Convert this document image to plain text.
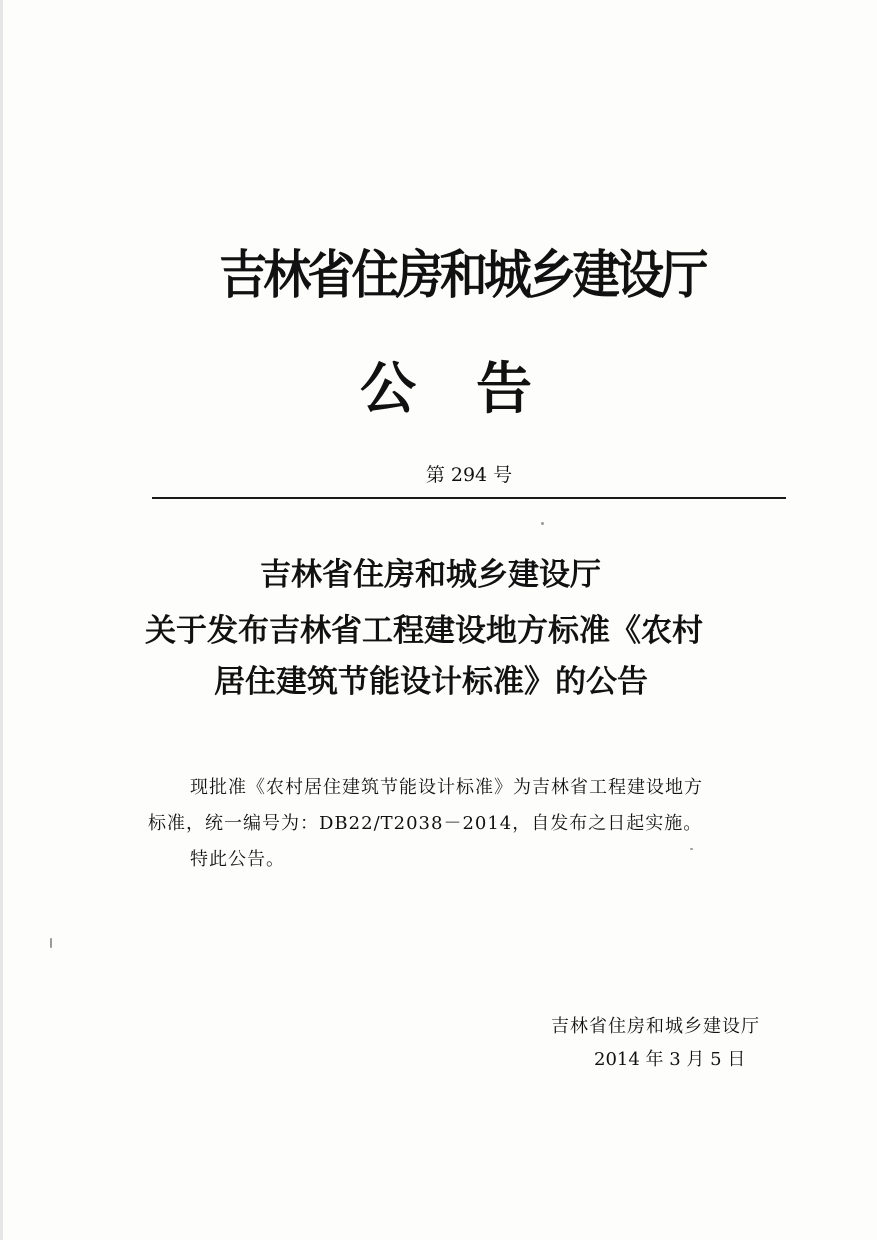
吉林省住房和城乡建设厅
公告
第 294 号
吉林省住房和城乡建设厅
关于发布吉林省工程建设地方标准《农村
居住建筑节能设计标准》的公告
现批准《农村居住建筑节能设计标准》为吉林省工程建设地方
标准，统一编号为：DB22/T2038－2014，自发布之日起实施。
特此公告。
吉林省住房和城乡建设厅
2014 年 3 月 5 日
